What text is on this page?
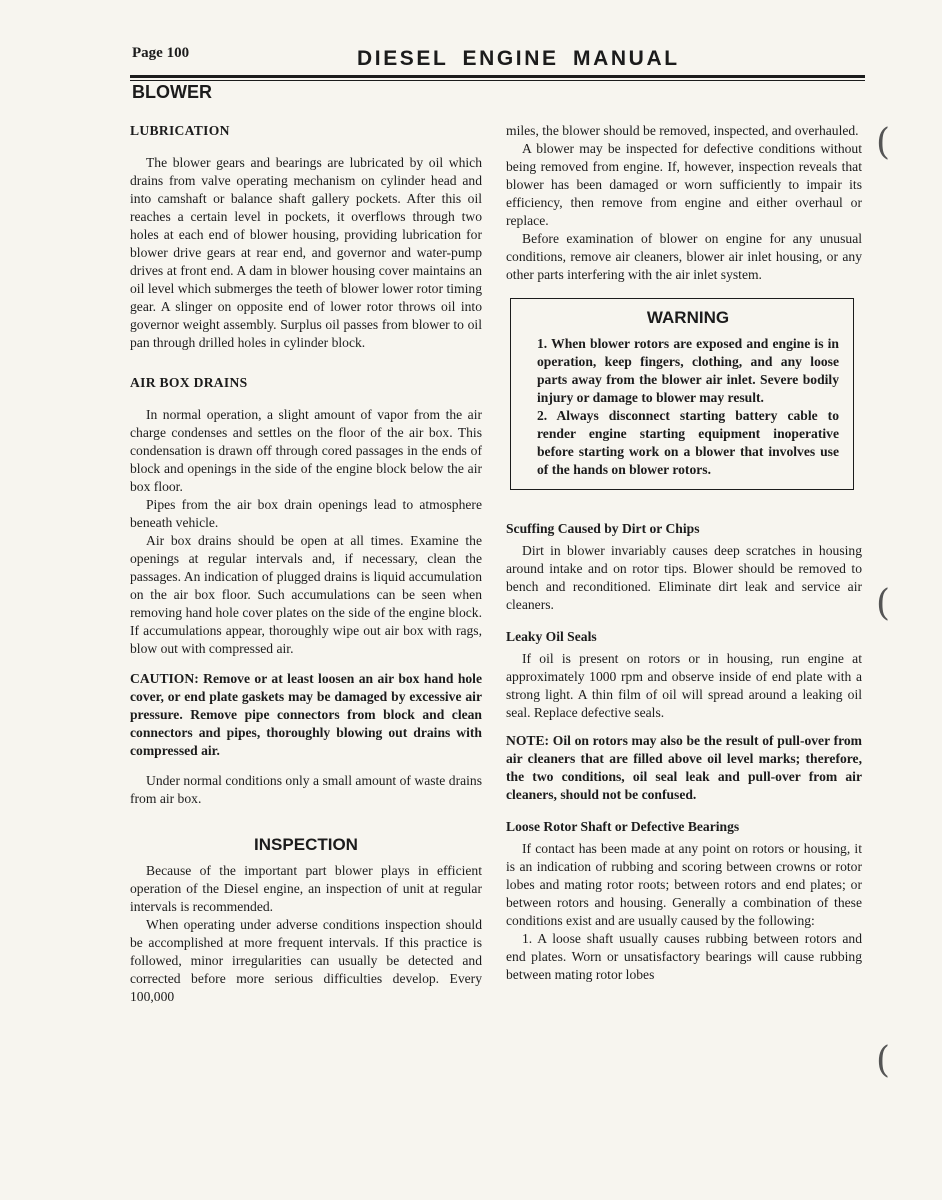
Page 100	DIESEL ENGINE MANUAL
BLOWER
LUBRICATION

The blower gears and bearings are lubricated by oil which drains from valve operating mechanism on cylinder head and into camshaft or balance shaft gallery pockets. After this oil reaches a certain level in pockets, it overflows through two holes at each end of blower housing, providing lubrication for blower drive gears at rear end, and governor and water-pump drives at front end. A dam in blower housing cover maintains an oil level which submerges the teeth of blower lower rotor timing gear. A slinger on opposite end of lower rotor throws oil into governor weight assembly. Surplus oil passes from blower to oil pan through drilled holes in cylinder block.

AIR BOX DRAINS

In normal operation, a slight amount of vapor from the air charge condenses and settles on the floor of the air box. This condensation is drawn off through cored passages in the ends of block and openings in the side of the engine block below the air box floor.

Pipes from the air box drain openings lead to atmosphere beneath vehicle.

Air box drains should be open at all times. Examine the openings at regular intervals and, if necessary, clean the passages. An indication of plugged drains is liquid accumulation on the air box floor. Such accumulations can be seen when removing hand hole cover plates on the side of the engine block. If accumulations appear, thoroughly wipe out air box with rags, blow out with compressed air.

CAUTION: Remove or at least loosen an air box hand hole cover, or end plate gaskets may be damaged by excessive air pressure. Remove pipe connectors from block and clean connectors and pipes, thoroughly blowing out drains with compressed air.

Under normal conditions only a small amount of waste drains from air box.

INSPECTION

Because of the important part blower plays in efficient operation of the Diesel engine, an inspection of unit at regular intervals is recommended.

When operating under adverse conditions inspection should be accomplished at more frequent intervals. If this practice is followed, minor irregularities can usually be detected and corrected before more serious difficulties develop. Every 100,000

miles, the blower should be removed, inspected, and overhauled.

A blower may be inspected for defective conditions without being removed from engine. If, however, inspection reveals that blower has been damaged or worn sufficiently to impair its efficiency, then remove from engine and either overhaul or replace.

Before examination of blower on engine for any unusual conditions, remove air cleaners, blower air inlet housing, or any other parts interfering with the air inlet system.

WARNING

1. When blower rotors are exposed and engine is in operation, keep fingers, clothing, and any loose parts away from the blower air inlet. Severe bodily injury or damage to blower may result.

2. Always disconnect starting battery cable to render engine starting equipment inoperative before starting work on a blower that involves use of the hands on blower rotors.

Scuffing Caused by Dirt or Chips

Dirt in blower invariably causes deep scratches in housing around intake and on rotor tips. Blower should be removed to bench and reconditioned. Eliminate dirt leak and service air cleaners.

Leaky Oil Seals

If oil is present on rotors or in housing, run engine at approximately 1000 rpm and observe inside of end plate with a strong light. A thin film of oil will spread around a leaking oil seal. Replace defective seals.

NOTE: Oil on rotors may also be the result of pull-over from air cleaners that are filled above oil level marks; therefore, the two conditions, oil seal leak and pull-over from air cleaners, should not be confused.

Loose Rotor Shaft or Defective Bearings

If contact has been made at any point on rotors or housing, it is an indication of rubbing and scoring between crowns or rotor lobes and mating rotor roots; between rotors and end plates; or between rotors and housing. Generally a combination of these conditions exist and are usually caused by the following:

1. A loose shaft usually causes rubbing between rotors and end plates. Worn or unsatisfactory bearings will cause rubbing between mating rotor lobes

(
(
(
